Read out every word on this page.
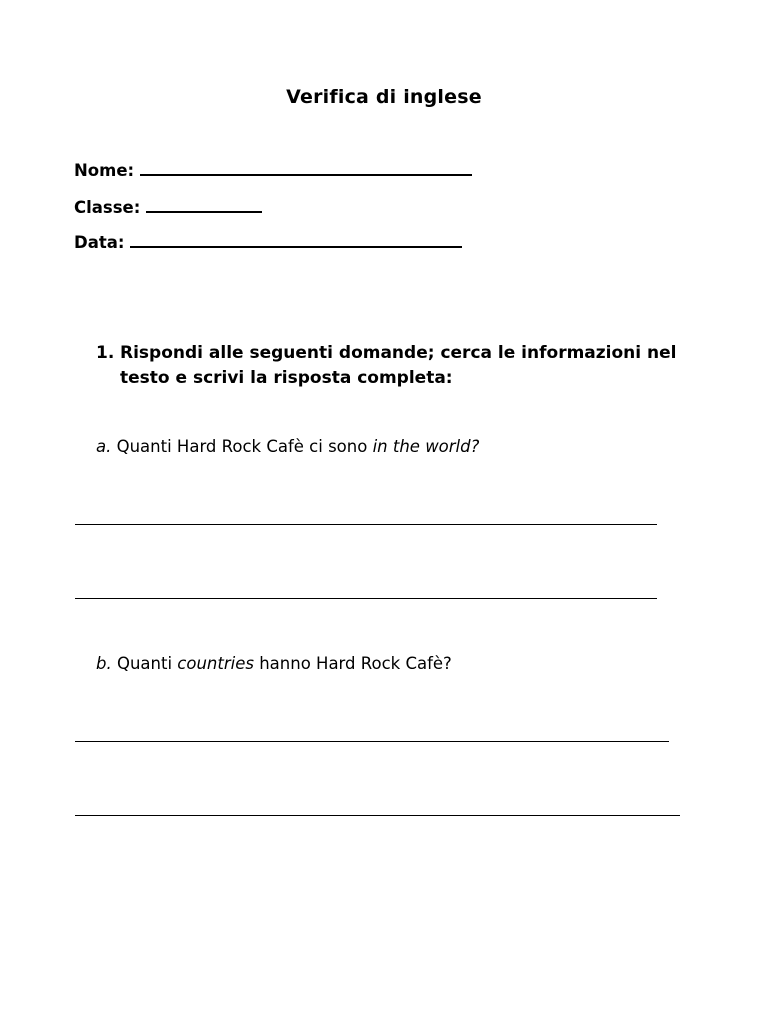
Verifica di inglese
Nome:
Classe:
Data:
1. Rispondi alle seguenti domande; cerca le informazioni nel testo e scrivi la risposta completa:
a. Quanti Hard Rock Cafè ci sono in the world?
b. Quanti countries hanno Hard Rock Cafè?
